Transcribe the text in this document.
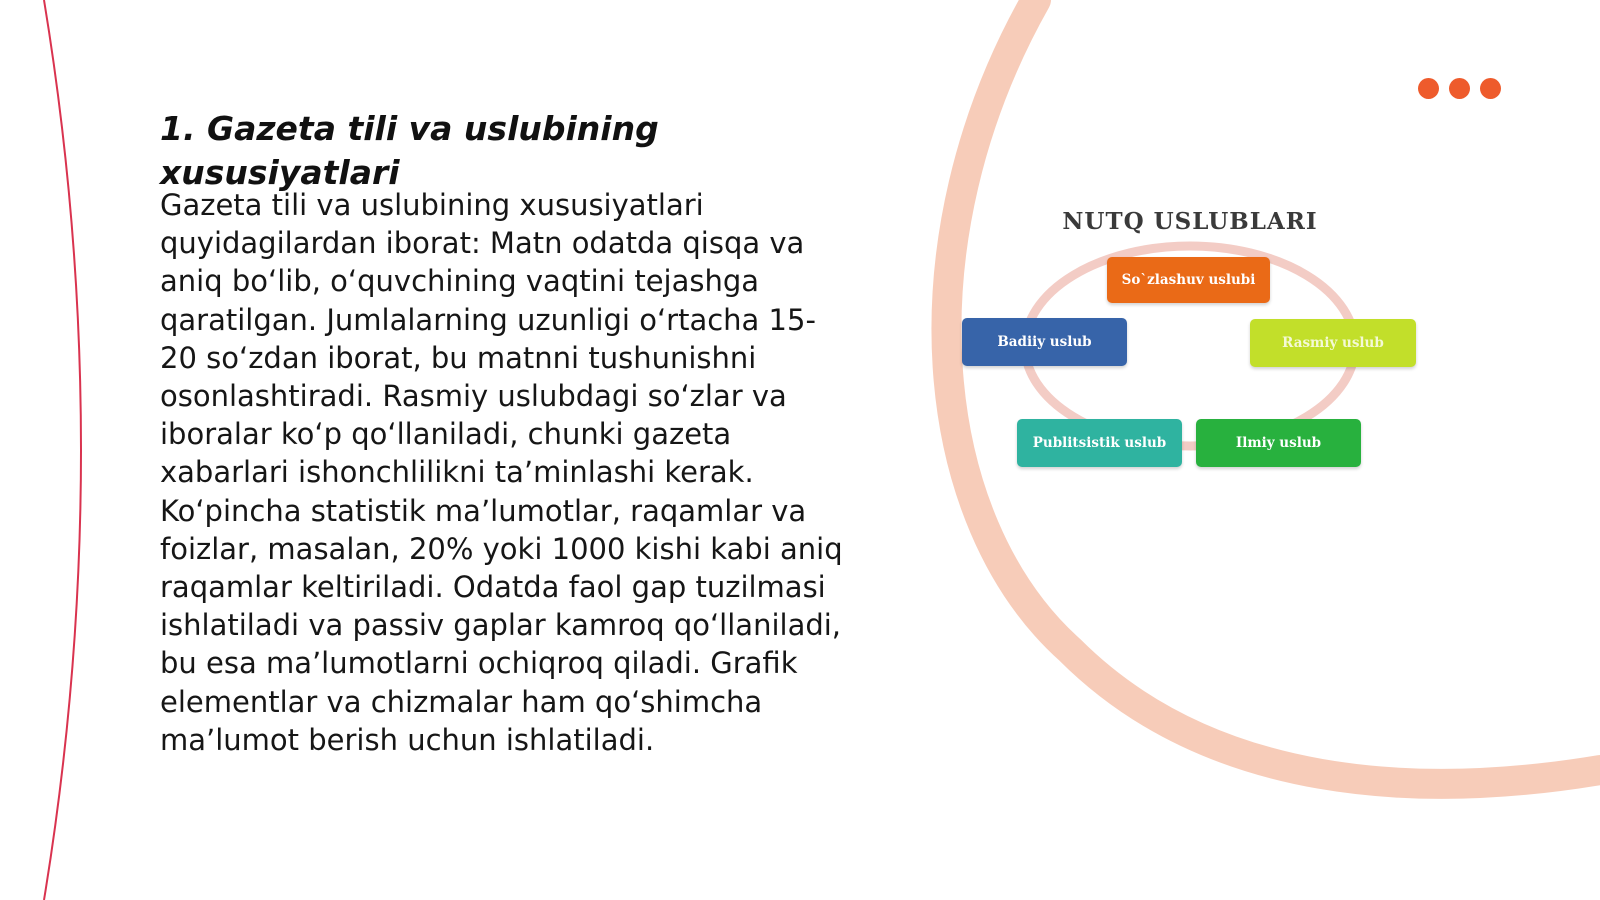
1. Gazeta tili va uslubining xususiyatlari

Gazeta tili va uslubining xususiyatlari quyidagilardan iborat: Matn odatda qisqa va aniq bo‘lib, o‘quvchining vaqtini tejashga qaratilgan. Jumlalarning uzunligi o‘rtacha 15-20 so‘zdan iborat, bu matnni tushunishni osonlashtiradi. Rasmiy uslubdagi so‘zlar va iboralar ko‘p qo‘llaniladi, chunki gazeta xabarlari ishonchlilikni ta’minlashi kerak. Ko‘pincha statistik ma’lumotlar, raqamlar va foizlar, masalan, 20% yoki 1000 kishi kabi aniq raqamlar keltiriladi. Odatda faol gap tuzilmasi ishlatiladi va passiv gaplar kamroq qo‘llaniladi, bu esa ma’lumotlarni ochiqroq qiladi. Grafik elementlar va chizmalar ham qo‘shimcha ma’lumot berish uchun ishlatiladi.

NUTQ USLUBLARI
So`zlashuv uslubi
Badiiy uslub	Rasmiy uslub
Publitsistik uslub	Ilmiy uslub
